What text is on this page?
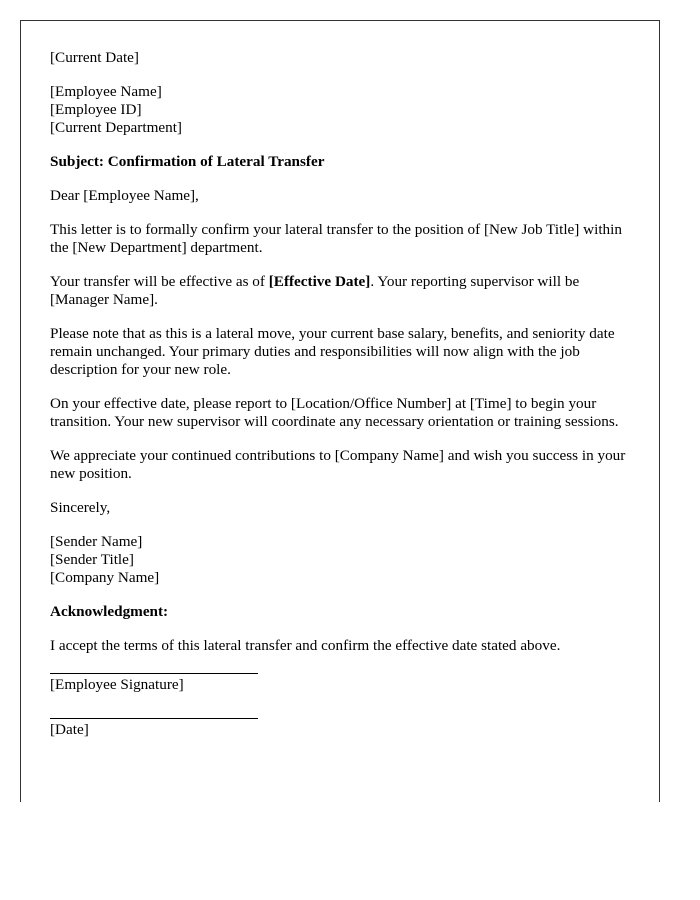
[Current Date]

[Employee Name]
[Employee ID]
[Current Department]

Subject: Confirmation of Lateral Transfer

Dear [Employee Name],

This letter is to formally confirm your lateral transfer to the position of [New Job Title] within the [New Department] department.

Your transfer will be effective as of [Effective Date]. Your reporting supervisor will be [Manager Name].

Please note that as this is a lateral move, your current base salary, benefits, and seniority date remain unchanged. Your primary duties and responsibilities will now align with the job description for your new role.

On your effective date, please report to [Location/Office Number] at [Time] to begin your transition. Your new supervisor will coordinate any necessary orientation or training sessions.

We appreciate your continued contributions to [Company Name] and wish you success in your new position.

Sincerely,

[Sender Name]
[Sender Title]
[Company Name]

Acknowledgment:

I accept the terms of this lateral transfer and confirm the effective date stated above.

[Employee Signature]

[Date]
